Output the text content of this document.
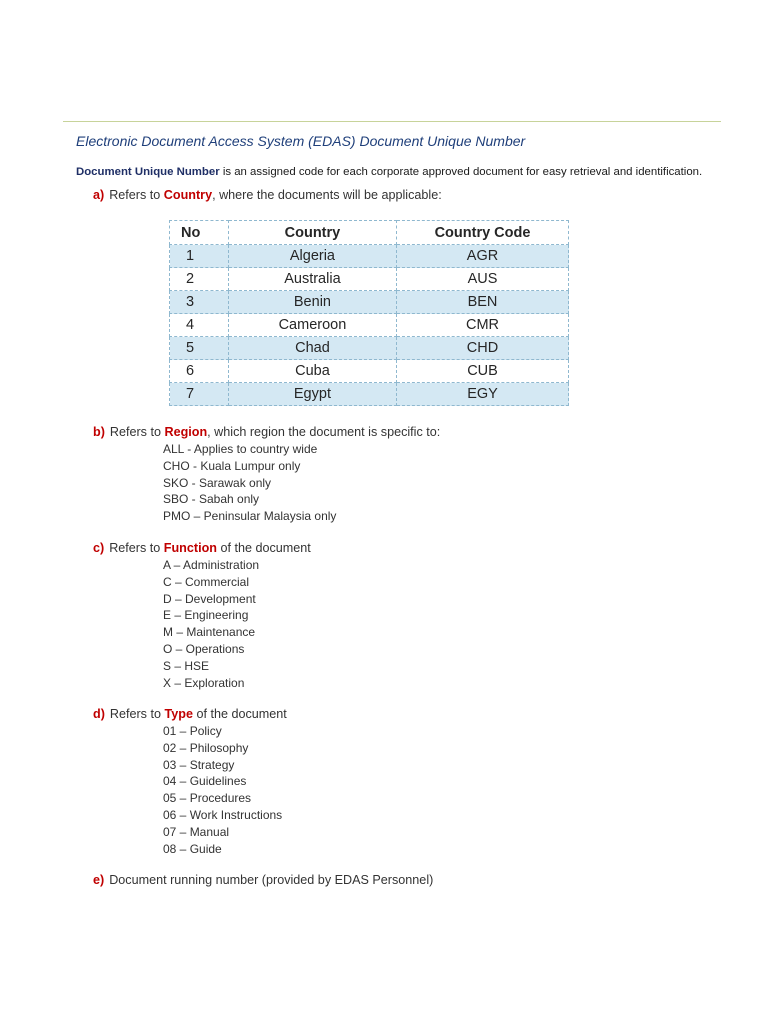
Electronic Document Access System (EDAS) Document Unique Number
Document Unique Number is an assigned code for each corporate approved document for easy retrieval and identification.
a) Refers to Country, where the documents will be applicable:
No	Country	Country Code
1	Algeria	AGR
2	Australia	AUS
3	Benin	BEN
4	Cameroon	CMR
5	Chad	CHD
6	Cuba	CUB
7	Egypt	EGY
b) Refers to Region, which region the document is specific to:
ALL - Applies to country wide
CHO - Kuala Lumpur only
SKO - Sarawak only
SBO - Sabah only
PMO – Peninsular Malaysia only
c) Refers to Function of the document
A – Administration
C – Commercial
D – Development
E – Engineering
M – Maintenance
O – Operations
S – HSE
X – Exploration
d) Refers to Type of the document
01 – Policy
02 – Philosophy
03 – Strategy
04 – Guidelines
05 – Procedures
06 – Work Instructions
07 – Manual
08 – Guide
e) Document running number (provided by EDAS Personnel)
